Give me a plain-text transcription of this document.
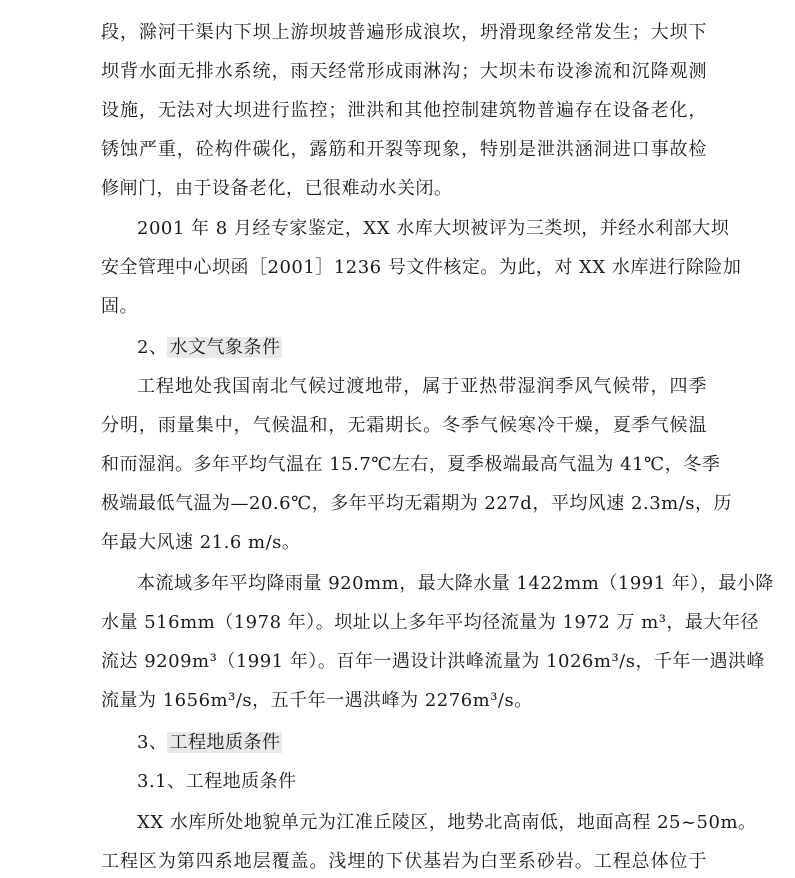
段，滁河干渠内下坝上游坝坡普遍形成浪坎，坍滑现象经常发生；大坝下
坝背水面无排水系统，雨天经常形成雨淋沟；大坝未布设渗流和沉降观测
设施，无法对大坝进行监控；泄洪和其他控制建筑物普遍存在设备老化，
锈蚀严重，砼构件碳化，露筋和开裂等现象，特别是泄洪涵洞进口事故检
修闸门，由于设备老化，已很难动水关闭。
2001 年 8 月经专家鉴定，XX 水库大坝被评为三类坝，并经水利部大坝
安全管理中心坝函［2001］1236 号文件核定。为此，对 XX 水库进行除险加
固。
2、 水文气象条件
工程地处我国南北气候过渡地带，属于亚热带湿润季风气候带，四季
分明，雨量集中，气候温和，无霜期长。冬季气候寒冷干燥，夏季气候温
和而湿润。多年平均气温在 15.7℃左右，夏季极端最高气温为 41℃，冬季
极端最低气温为—20.6℃，多年平均无霜期为 227d，平均风速 2.3m/s，历
年最大风速 21.6 m/s。
本流域多年平均降雨量 920mm，最大降水量 1422mm（1991 年），最小降
水量 516mm（1978 年）。坝址以上多年平均径流量为 1972 万 m³，最大年径
流达 9209m³（1991 年）。百年一遇设计洪峰流量为 1026m³/s，千年一遇洪峰
流量为 1656m³/s，五千年一遇洪峰为 2276m³/s。
3、 工程地质条件
3.1、工程地质条件
XX 水库所处地貌单元为江准丘陵区，地势北高南低，地面高程 25~50m。
工程区为第四系地层覆盖。浅埋的下伏基岩为白垩系砂岩。工程总体位于
